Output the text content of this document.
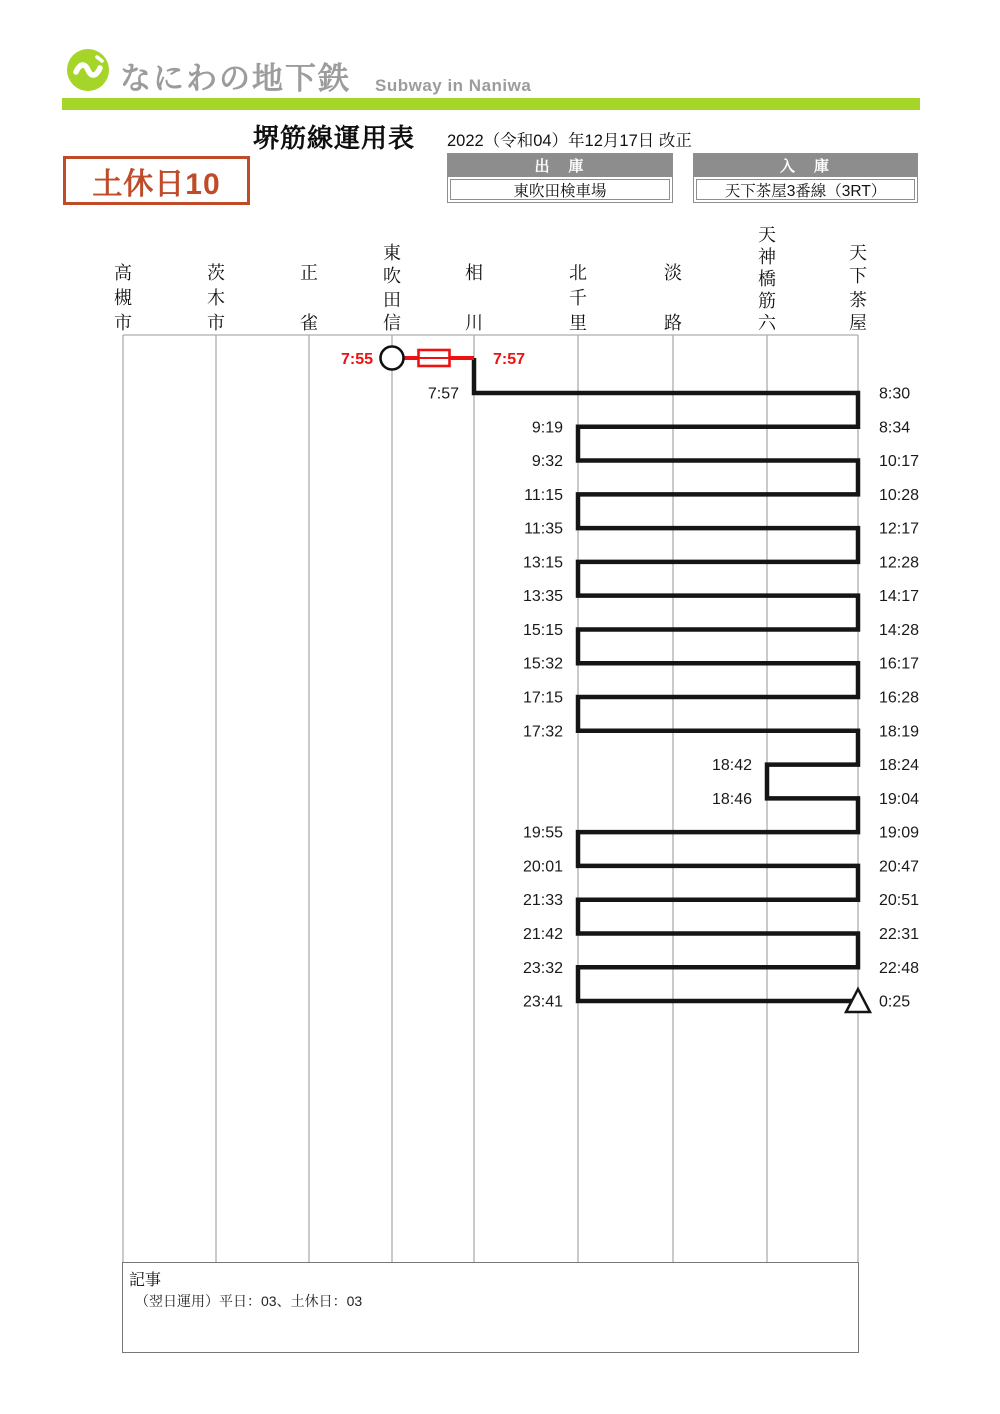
なにわの地下鉄 Subway in Naniwa
堺筋線運用表 2022（令和04）年12月17日 改正
土休日10
出　庫
東吹田検車場
入　庫
天下茶屋3番線（3RT）
7:55	7:57
7:57	8:30
8:34
9:19
9:32	10:17
10:28
11:15
11:35	12:17
12:28
13:15
13:35	14:17
14:28
15:15
15:32	16:17
16:28
17:15
17:32	18:19
18:24
18:42
18:46	19:04
19:09
19:55
20:01	20:47
20:51
21:33
21:42	22:31
22:48
23:32
23:41	0:25
高
槻
市
茨
木
市
正
雀
東
吹
田
信
相
川
北
千
里
淡
路
天
神
橋
筋
六
天
下
茶
屋
記事
（翌日運用）平日：03、土休日：03
